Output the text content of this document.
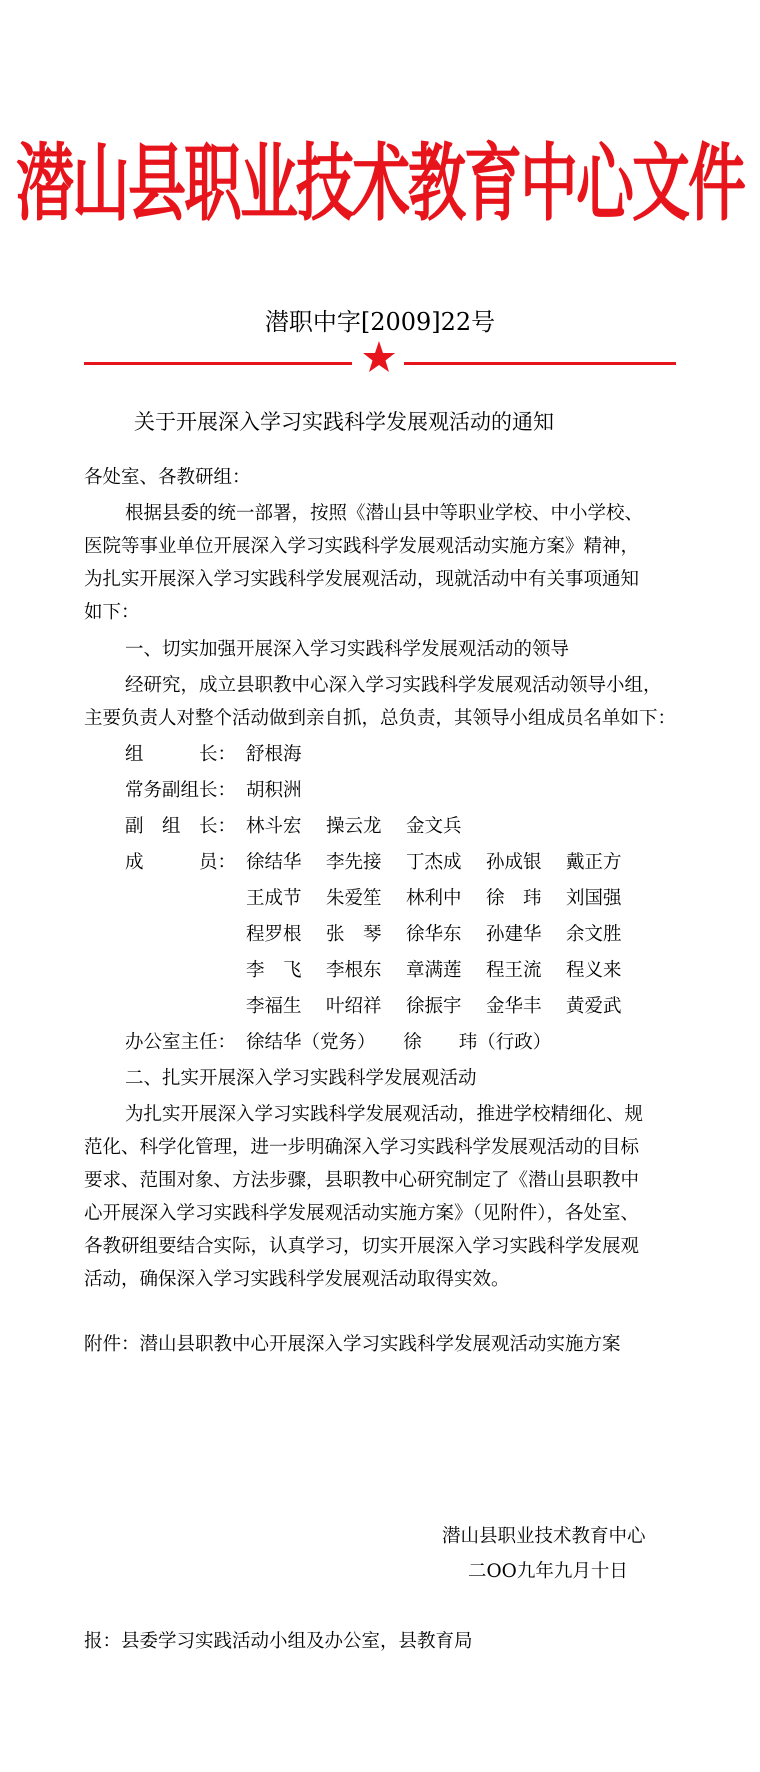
潜山县职业技术教育中心文件
潜职中字[2009]22号
关于开展深入学习实践科学发展观活动的通知
各处室、各教研组：
根据县委的统一部署，按照《潜山县中等职业学校、中小学校、
医院等事业单位开展深入学习实践科学发展观活动实施方案》精神，
为扎实开展深入学习实践科学发展观活动，现就活动中有关事项通知
如下：
一、切实加强开展深入学习实践科学发展观活动的领导
经研究，成立县职教中心深入学习实践科学发展观活动领导小组，
主要负责人对整个活动做到亲自抓，总负责，其领导小组成员名单如下：
组　　　长： 舒根海
常务副组长： 胡积洲
副　组　长： 林斗宏 操云龙 金文兵
成　　　员： 徐结华 李先接 丁杰成 孙成银 戴正方
王成节 朱爱笙 林利中 徐　玮 刘国强
程罗根 张　琴 徐华东 孙建华 余文胜
李　飞 李根东 章满莲 程王流 程义来
李福生 叶绍祥 徐振宇 金华丰 黄爱武
办公室主任： 徐结华（党务）　　徐　　玮（行政）
二、扎实开展深入学习实践科学发展观活动
为扎实开展深入学习实践科学发展观活动，推进学校精细化、规
范化、科学化管理，进一步明确深入学习实践科学发展观活动的目标
要求、范围对象、方法步骤，县职教中心研究制定了《潜山县职教中
心开展深入学习实践科学发展观活动实施方案》（见附件），各处室、
各教研组要结合实际，认真学习，切实开展深入学习实践科学发展观
活动，确保深入学习实践科学发展观活动取得实效。
附件：潜山县职教中心开展深入学习实践科学发展观活动实施方案
潜山县职业技术教育中心
二OO九年九月十日
报：县委学习实践活动小组及办公室，县教育局
